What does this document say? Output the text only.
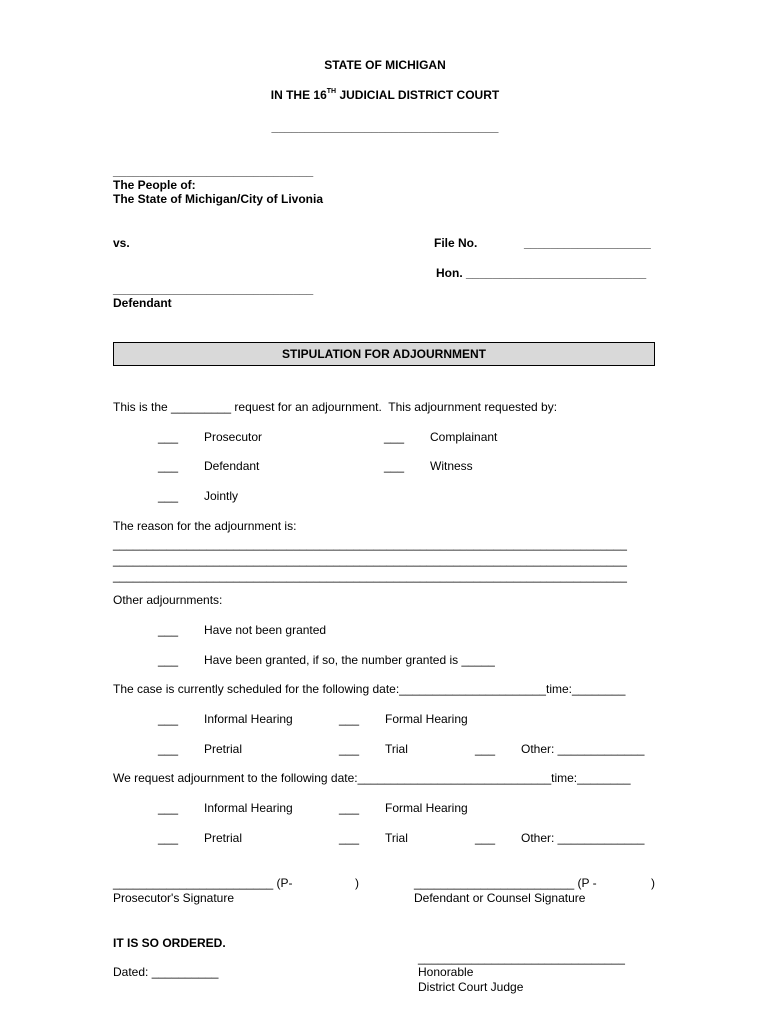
STATE OF MICHIGAN
IN THE 16TH JUDICIAL DISTRICT COURT
__________________________________
______________________________
The People of:
The State of Michigan/City of Livonia
vs.	File No.	___________________
Hon. ___________________________
______________________________
Defendant
STIPULATION FOR ADJOURNMENT
This is the _________ request for an adjournment.  This adjournment requested by:
___ Prosecutor	___ Complainant
___ Defendant	___ Witness
___ Jointly
The reason for the adjournment is:
_____________________________________________________________________________
_____________________________________________________________________________
_____________________________________________________________________________
Other adjournments:
___ Have not been granted
___ Have been granted, if so, the number granted is _____
The case is currently scheduled for the following date:______________________time:________
___ Informal Hearing	___ Formal Hearing
___ Pretrial	___ Trial	___ Other: _____________
We request adjournment to the following date:_____________________________time:________
___ Informal Hearing	___ Formal Hearing
___ Pretrial	___ Trial	___ Other: _____________
________________________ (P-	)
Prosecutor's Signature
________________________ (P -	)
Defendant or Counsel Signature
IT IS SO ORDERED.
_______________________________
Dated: __________	Honorable
District Court Judge
